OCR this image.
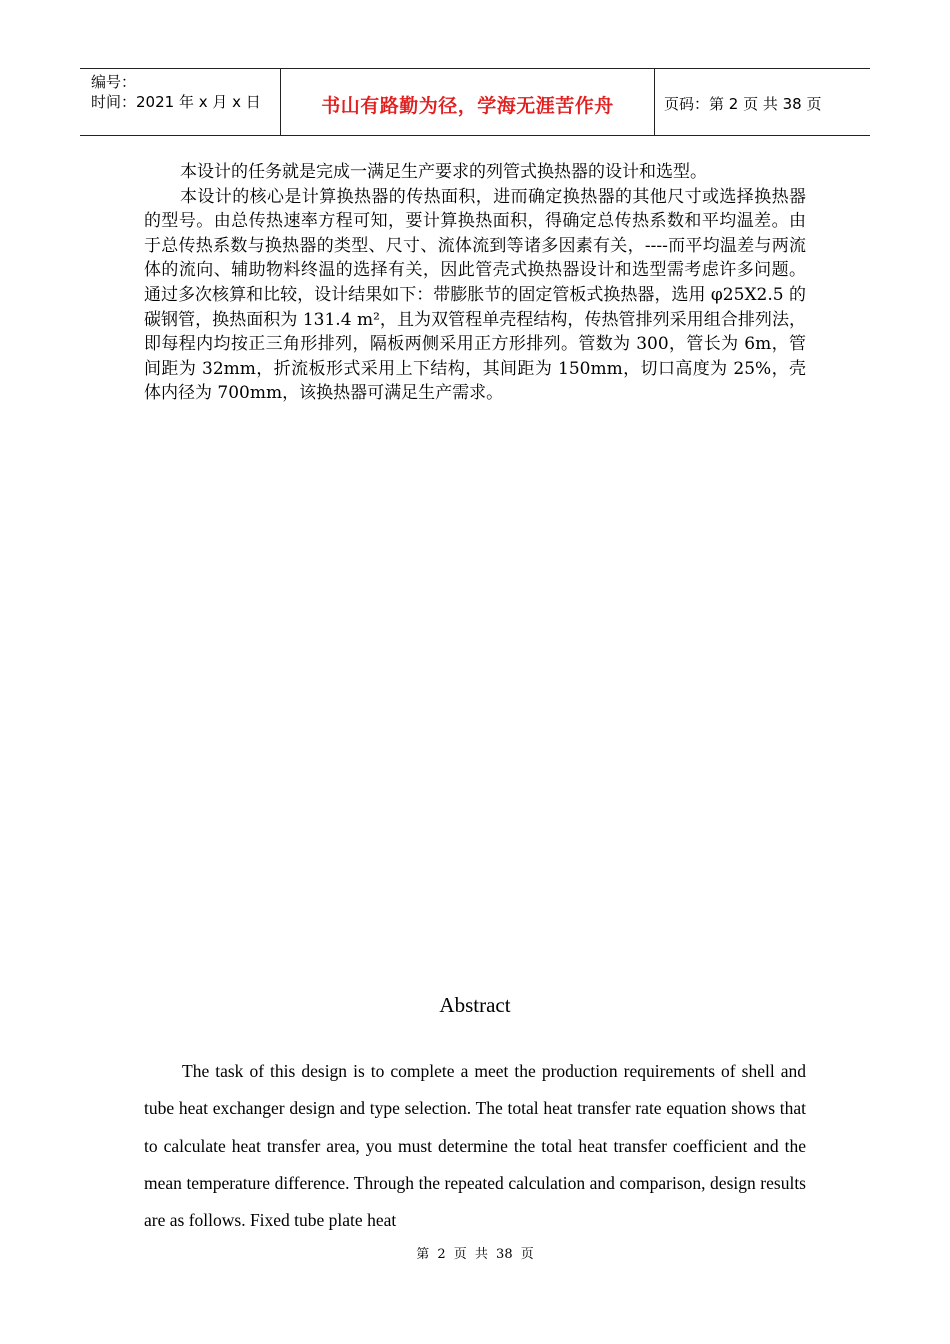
编号：
时间：2021 年 x 月 x 日	书山有路勤为径，学海无涯苦作舟	页码：第 2 页 共 38 页

本设计的任务就是完成一满足生产要求的列管式换热器的设计和选型。

本设计的核心是计算换热器的传热面积，进而确定换热器的其他尺寸或选择换热器的型号。由总传热速率方程可知，要计算换热面积，得确定总传热系数和平均温差。由于总传热系数与换热器的类型、尺寸、流体流到等诸多因素有关，----而平均温差与两流体的流向、辅助物料终温的选择有关，因此管壳式换热器设计和选型需考虑许多问题。通过多次核算和比较，设计结果如下：带膨胀节的固定管板式换热器，选用 φ25X2.5 的碳钢管，换热面积为 131.4 m²，且为双管程单壳程结构，传热管排列采用组合排列法，即每程内均按正三角形排列，隔板两侧采用正方形排列。管数为 300，管长为 6m，管间距为 32mm，折流板形式采用上下结构，其间距为 150mm，切口高度为 25%，壳体内径为 700mm，该换热器可满足生产需求。

Abstract

The task of this design is to complete a meet the production requirements of shell and tube heat exchanger design and type selection. The total heat transfer rate equation shows that to calculate heat transfer area, you must determine the total heat transfer coefficient and the mean temperature difference. Through the repeated calculation and comparison, design results are as follows. Fixed tube plate heat

第 2 页 共 38 页
